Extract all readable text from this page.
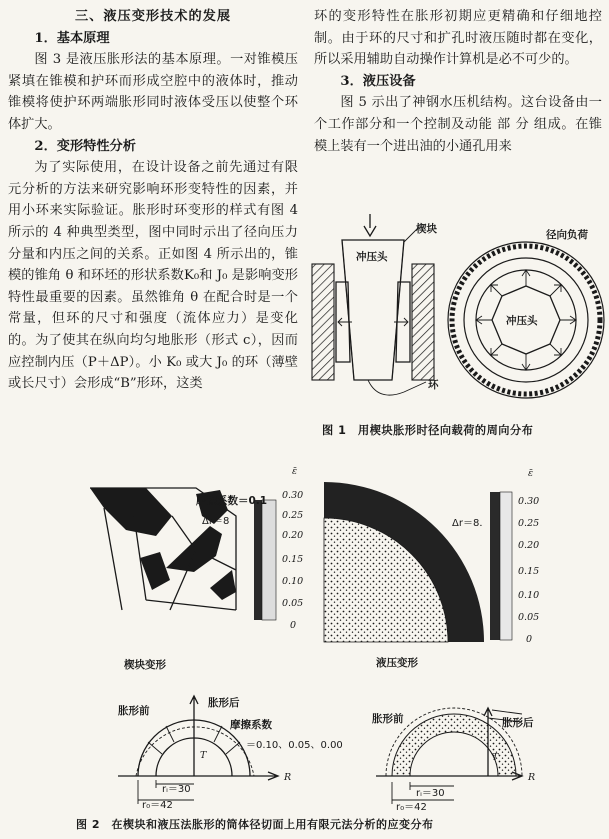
三、液压变形技术的发展

1．基本原理

图 3 是液压胀形法的基本原理。一对锥模压紧填在锥模和护环而形成空腔中的液体时，推动锥模将使护环两端胀形同时液体受压以使整个环体扩大。

2．变形特性分析

为了实际使用，在设计设备之前先通过有限元分析的方法来研究影响环形变特性的因素，并用小环来实际验证。胀形时环变形的样式有图 4 所示的 4 种典型类型，图中同时示出了径向压力分量和内压之间的关系。正如图 4 所示出的，锥模的锥角 θ 和环坯的形状系数K₀和 J₀ 是影响变形特性最重要的因素。虽然锥角 θ 在配合时是一个常量，但环的尺寸和强度（流体应力）是变化的。为了使其在纵向均匀地胀形（形式 c），因而应控制内压（P＋ΔP）。小 K₀ 或大 J₀ 的环（薄壁或长尺寸）会形成“B”形环，这类

环的变形特性在胀形初期应更精确和仔细地控制。由于环的尺寸和扩孔时液压随时都在变化，所以采用辅助自动操作计算机是必不可少的。

3．液压设备

图 5 示出了神钢水压机结构。这台设备由一个工作部分和一个控制及动能 部 分 组成。在锥模上装有一个进出油的小通孔用来

冲压头
楔块
环
冲压头
径向负荷
图 1　用楔块胀形时径向载荷的周向分布
摩擦系数＝0.1
Δr＝8
ε̄
0.30
0.25
0.20
0.15
0.10
0.05
0
楔块变形
Δr＝8．
ε̄
0.30
0.25
0.20
0.15
0.10
0.05
0
液压变形
胀形前
胀形后
摩擦系数
＝0.10、0.05、0.00
T
R
rᵢ＝30
r₀＝42
胀形前	胀形后
T
R
rᵢ＝30
r₀＝42
图 2　在楔块和液压法胀形的筒体径切面上用有限元法分析的应变分布
